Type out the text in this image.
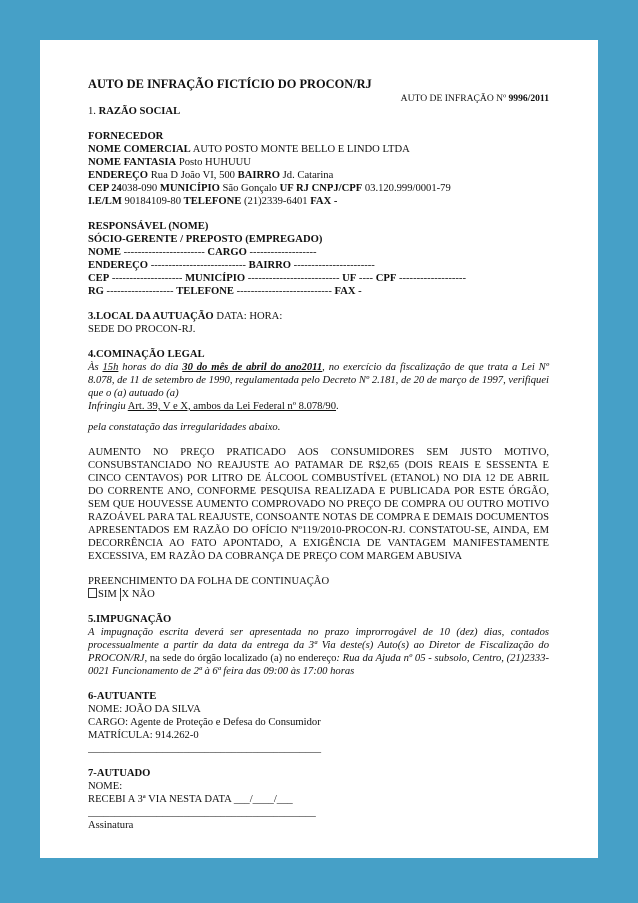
AUTO DE INFRAÇÃO FICTÍCIO DO PROCON/RJ
AUTO DE INFRAÇÃO Nº 9996/2011
1. RAZÃO SOCIAL
FORNECEDOR
NOME COMERCIAL AUTO POSTO MONTE BELLO E LINDO LTDA
NOME FANTASIA Posto HUHUUU
ENDEREÇO Rua D João VI, 500 BAIRRO Jd. Catarina
CEP 24038-090 MUNICÍPIO São Gonçalo UF RJ CNPJ/CPF 03.120.999/0001-79
I.E/LM 90184109-80 TELEFONE (21)2339-6401 FAX -
RESPONSÁVEL (NOME)
SÓCIO-GERENTE / PREPOSTO (EMPREGADO)
NOME ----------------------- CARGO -------------------
ENDEREÇO --------------------------- BAIRRO -----------------------
CEP -------------------- MUNICÍPIO -------------------------- UF ---- CPF -------------------
RG ------------------- TELEFONE --------------------------- FAX -
3.LOCAL DA AUTUAÇÃO DATA: HORA:
SEDE DO PROCON-RJ.
4.COMINAÇÃO LEGAL
Às 15h horas do dia 30 do mês de abril do ano2011, no exercício da fiscalização de que trata a Lei Nº 8.078, de 11 de setembro de 1990, regulamentada pelo Decreto Nº 2.181, de 20 de março de 1997, verifiquei que o (a) autuado (a)
Infringiu Art. 39, V e X, ambos da Lei Federal nº 8.078/90.
pela constatação das irregularidades abaixo.
AUMENTO NO PREÇO PRATICADO AOS CONSUMIDORES SEM JUSTO MOTIVO, CONSUBSTANCIADO NO REAJUSTE AO PATAMAR DE R$2,65 (DOIS REAIS E SESSENTA E CINCO CENTAVOS) POR LITRO DE ÁLCOOL COMBUSTÍVEL (ETANOL) NO DIA 12 DE ABRIL DO CORRENTE ANO, CONFORME PESQUISA REALIZADA E PUBLICADA POR ESTE ÓRGÃO, SEM QUE HOUVESSE AUMENTO COMPROVADO NO PREÇO DE COMPRA OU OUTRO MOTIVO RAZOÁVEL PARA TAL REAJUSTE, CONSOANTE NOTAS DE COMPRA E DEMAIS DOCUMENTOS APRESENTADOS EM RAZÃO DO OFÍCIO Nº119/2010-PROCON-RJ. CONSTATOU-SE, AINDA, EM DECORRÊNCIA AO FATO APONTADO, A EXIGÊNCIA DE VANTAGEM MANIFESTAMENTE EXCESSIVA, EM RAZÃO DA COBRANÇA DE PREÇO COM MARGEM ABUSIVA
PREENCHIMENTO DA FOLHA DE CONTINUAÇÃO
SIM X NÃO
5.IMPUGNAÇÃO
A impugnação escrita deverá ser apresentada no prazo improrrogável de 10 (dez) dias, contados processualmente a partir da data da entrega da 3ª Via deste(s) Auto(s) ao Diretor de Fiscalização do PROCON/RJ, na sede do órgão localizado (a) no endereço: Rua da Ajuda nº 05 - subsolo, Centro, (21)2333-0021 Funcionamento de 2ª à 6ª feira das 09:00 às 17:00 horas
6-AUTUANTE
NOME: JOÃO DA SILVA
CARGO: Agente de Proteção e Defesa do Consumidor
MATRÍCULA: 914.262-0
____________________________________________
7-AUTUADO
NOME:
RECEBI A 3ª VIA NESTA DATA ___/____/___
___________________________________________
Assinatura
